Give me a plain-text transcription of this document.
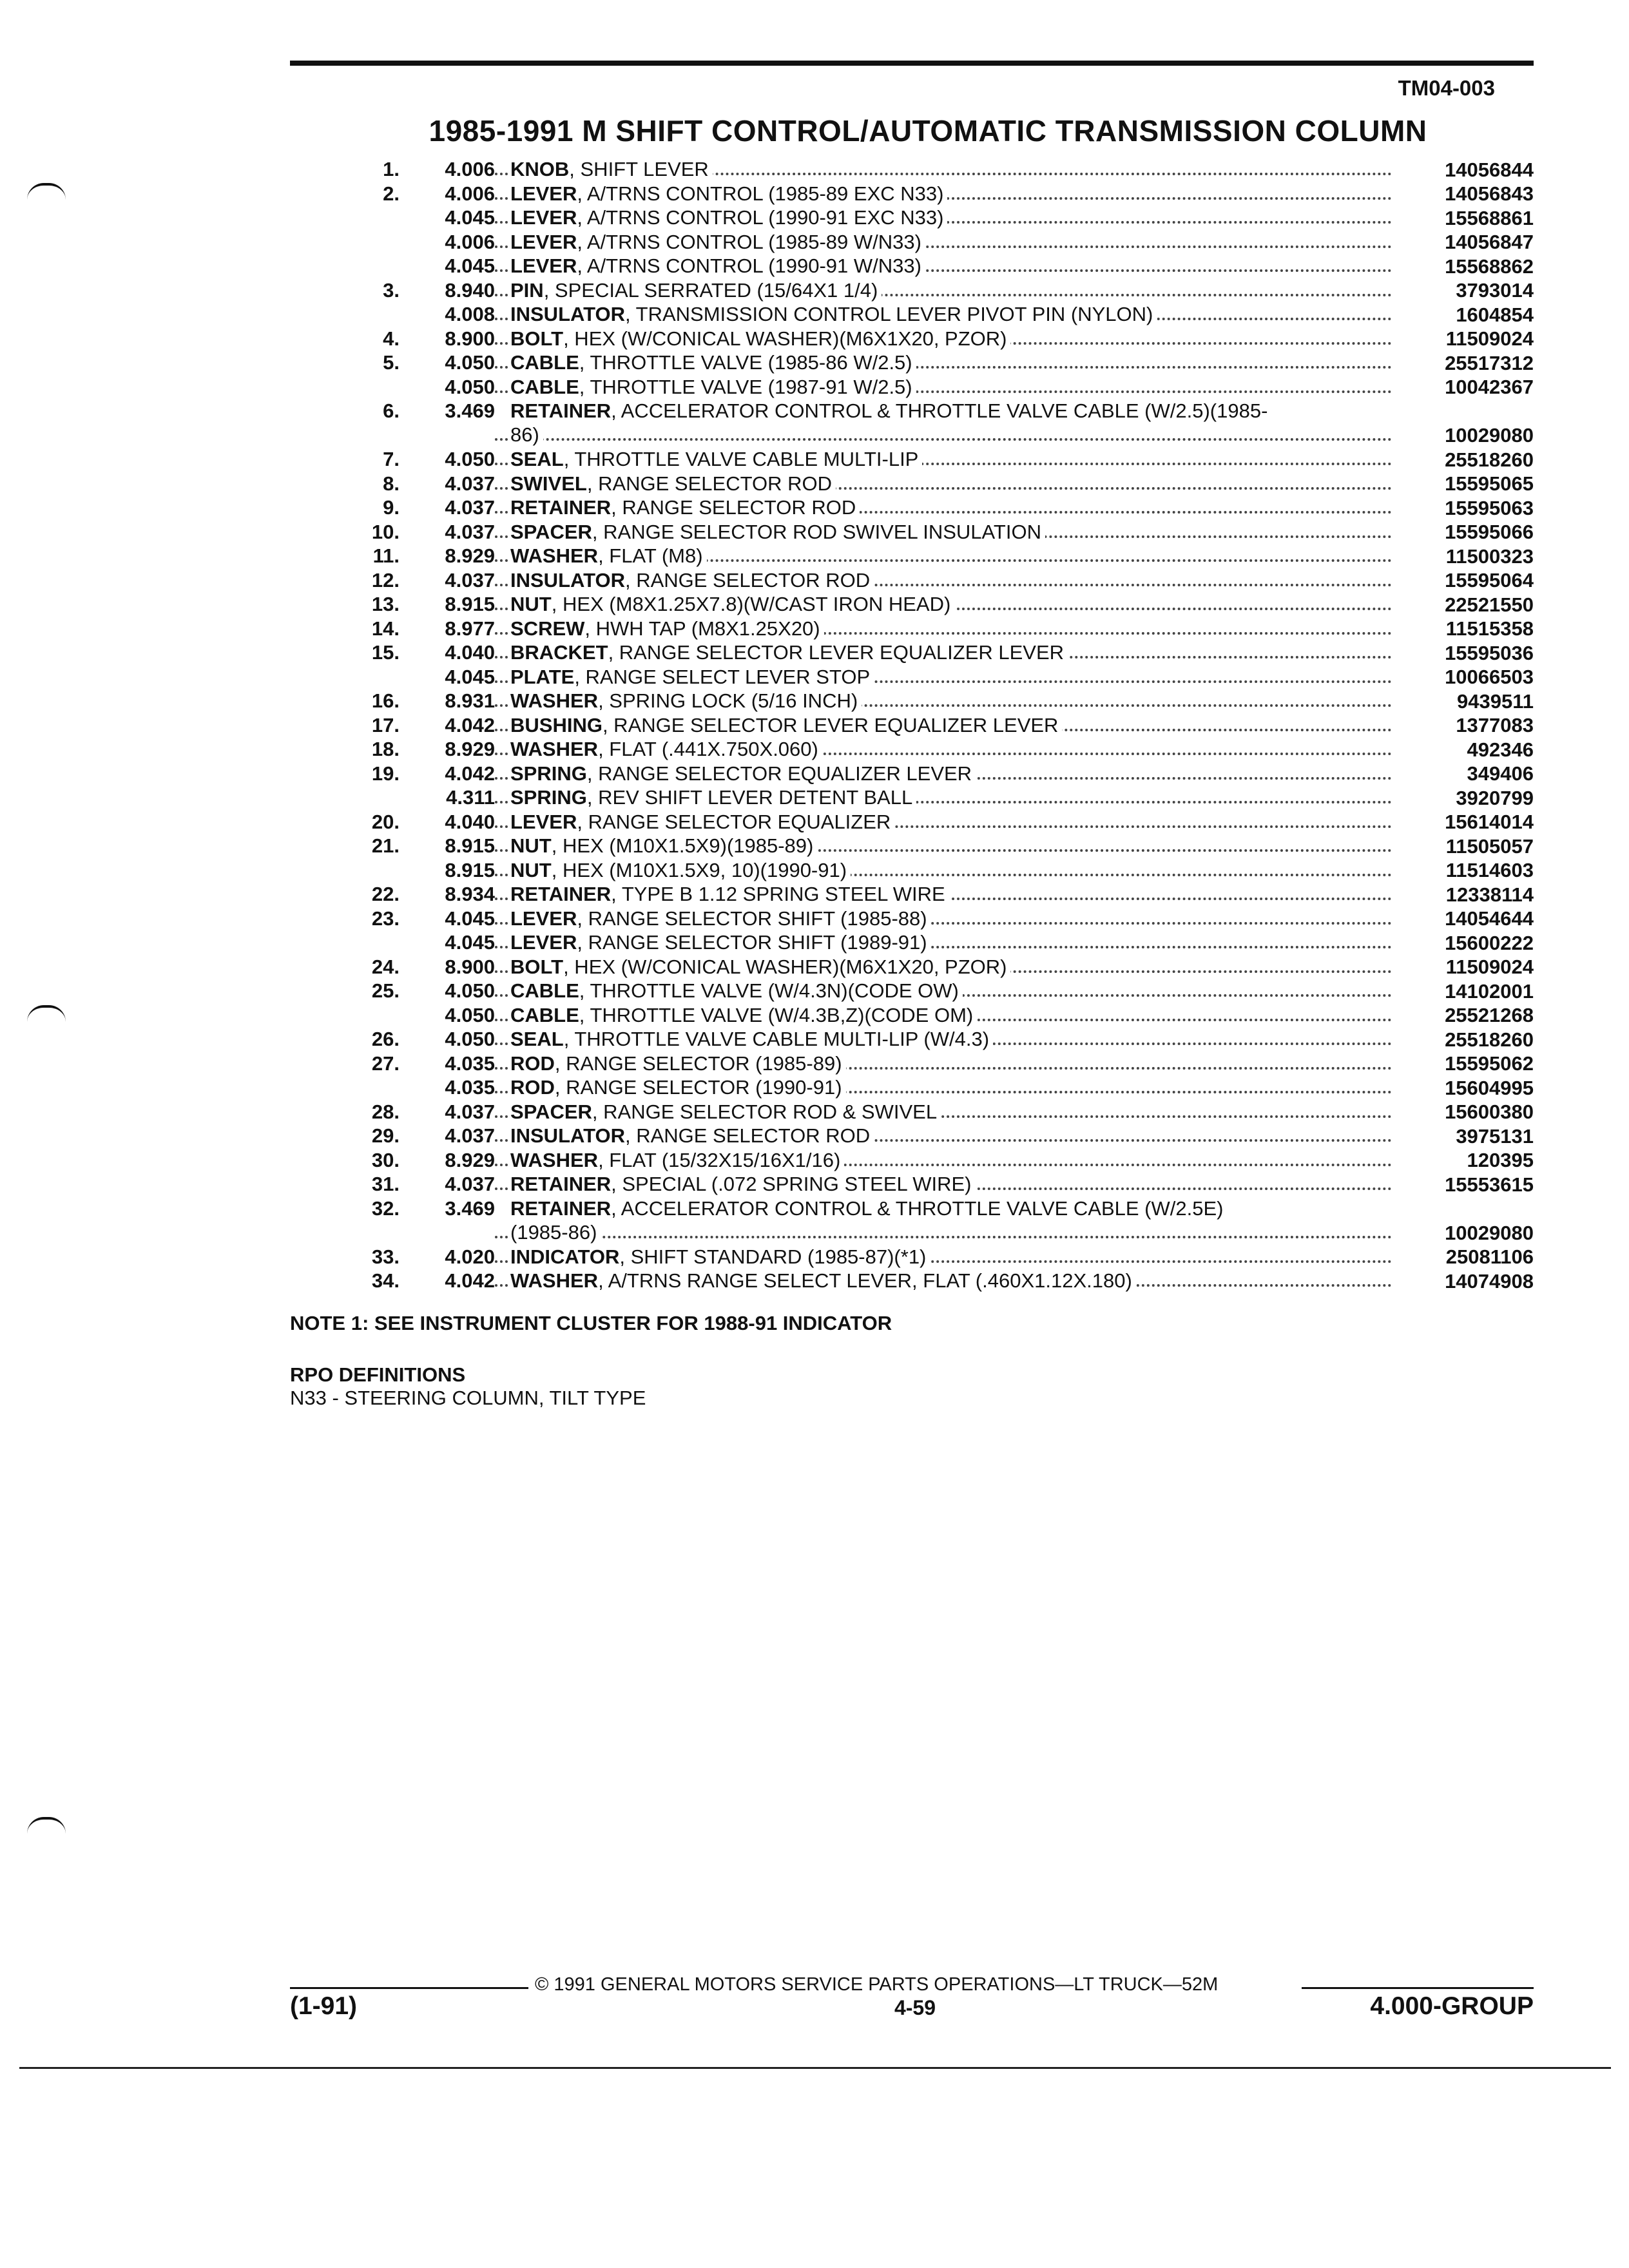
TM04-003
1985-1991 M SHIFT CONTROL/AUTOMATIC TRANSMISSION COLUMN
1.	4.006 KNOB, SHIFT LEVER	14056844
2.	4.006 LEVER, A/TRNS CONTROL (1985-89 EXC N33)	14056843
4.045 LEVER, A/TRNS CONTROL (1990-91 EXC N33)	15568861
4.006 LEVER, A/TRNS CONTROL (1985-89 W/N33)	14056847
4.045 LEVER, A/TRNS CONTROL (1990-91 W/N33)	15568862
3.	8.940 PIN, SPECIAL SERRATED (15/64X1 1/4)	3793014
4.008 INSULATOR, TRANSMISSION CONTROL LEVER PIVOT PIN (NYLON)	1604854
4.	8.900 BOLT, HEX (W/CONICAL WASHER)(M6X1X20, PZOR)	11509024
5.	4.050 CABLE, THROTTLE VALVE (1985-86 W/2.5)	25517312
4.050 CABLE, THROTTLE VALVE (1987-91 W/2.5)	10042367
6.	3.469 RETAINER, ACCELERATOR CONTROL & THROTTLE VALVE CABLE (W/2.5)(1985-
86)	10029080
7.	4.050 SEAL, THROTTLE VALVE CABLE MULTI-LIP	25518260
8.	4.037 SWIVEL, RANGE SELECTOR ROD	15595065
9.	4.037 RETAINER, RANGE SELECTOR ROD	15595063
10.	4.037 SPACER, RANGE SELECTOR ROD SWIVEL INSULATION	15595066
11.	8.929 WASHER, FLAT (M8)	11500323
12.	4.037 INSULATOR, RANGE SELECTOR ROD	15595064
13.	8.915 NUT, HEX (M8X1.25X7.8)(W/CAST IRON HEAD)	22521550
14.	8.977 SCREW, HWH TAP (M8X1.25X20)	11515358
15.	4.040 BRACKET, RANGE SELECTOR LEVER EQUALIZER LEVER	15595036
4.045 PLATE, RANGE SELECT LEVER STOP	10066503
16.	8.931 WASHER, SPRING LOCK (5/16 INCH)	9439511
17.	4.042 BUSHING, RANGE SELECTOR LEVER EQUALIZER LEVER	1377083
18.	8.929 WASHER, FLAT (.441X.750X.060)	492346
19.	4.042 SPRING, RANGE SELECTOR EQUALIZER LEVER	349406
4.311 SPRING, REV SHIFT LEVER DETENT BALL	3920799
20.	4.040 LEVER, RANGE SELECTOR EQUALIZER	15614014
21.	8.915 NUT, HEX (M10X1.5X9)(1985-89)	11505057
8.915 NUT, HEX (M10X1.5X9, 10)(1990-91)	11514603
22.	8.934 RETAINER, TYPE B 1.12 SPRING STEEL WIRE	12338114
23.	4.045 LEVER, RANGE SELECTOR SHIFT (1985-88)	14054644
4.045 LEVER, RANGE SELECTOR SHIFT (1989-91)	15600222
24.	8.900 BOLT, HEX (W/CONICAL WASHER)(M6X1X20, PZOR)	11509024
25.	4.050 CABLE, THROTTLE VALVE (W/4.3N)(CODE OW)	14102001
4.050 CABLE, THROTTLE VALVE (W/4.3B,Z)(CODE OM)	25521268
26.	4.050 SEAL, THROTTLE VALVE CABLE MULTI-LIP (W/4.3)	25518260
27.	4.035 ROD, RANGE SELECTOR (1985-89)	15595062
4.035 ROD, RANGE SELECTOR (1990-91)	15604995
28.	4.037 SPACER, RANGE SELECTOR ROD & SWIVEL	15600380
29.	4.037 INSULATOR, RANGE SELECTOR ROD	3975131
30.	8.929 WASHER, FLAT (15/32X15/16X1/16)	120395
31.	4.037 RETAINER, SPECIAL (.072 SPRING STEEL WIRE)	15553615
32.	3.469 RETAINER, ACCELERATOR CONTROL & THROTTLE VALVE CABLE (W/2.5E)
(1985-86)	10029080
33.	4.020 INDICATOR, SHIFT STANDARD (1985-87)(*1)	25081106
34.	4.042 WASHER, A/TRNS RANGE SELECT LEVER, FLAT (.460X1.12X.180)	14074908
NOTE 1: SEE INSTRUMENT CLUSTER FOR 1988-91 INDICATOR
RPO DEFINITIONS
N33 - STEERING COLUMN, TILT TYPE
© 1991 GENERAL MOTORS SERVICE PARTS OPERATIONS—LT TRUCK—52M
(1-91)	4-59	4.000-GROUP
